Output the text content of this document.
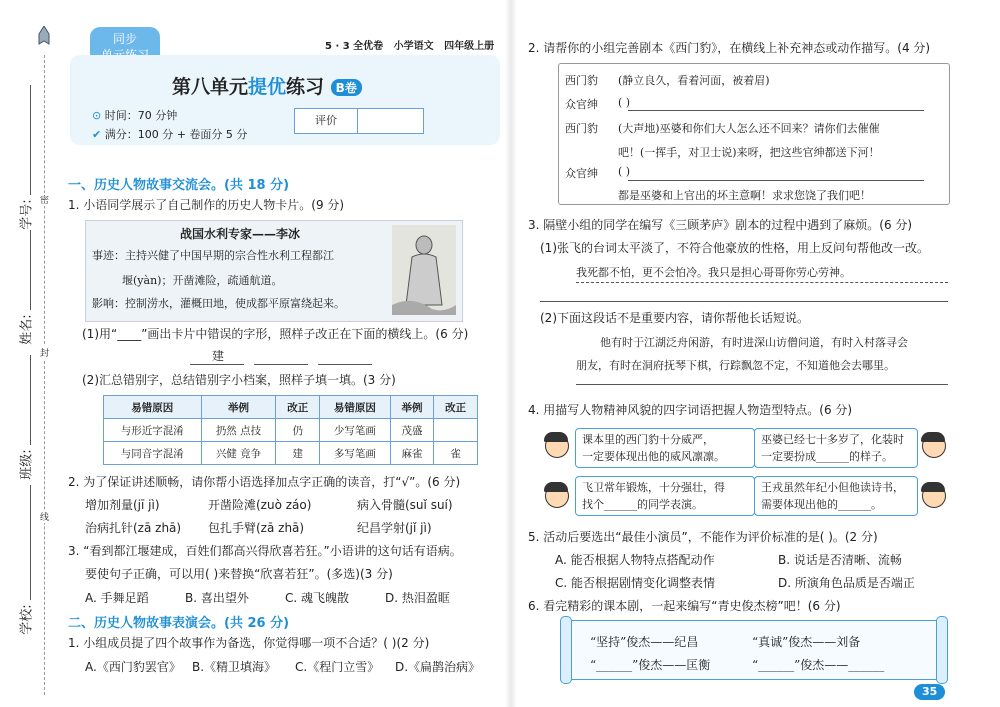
密
封
线
学号:
姓名:
班级:
学校:
同步
5 · 3 全优卷 小学语文 四年级上册
第八单元提优练习 B卷
⊙ 时间：70 分钟
✔ 满分：100 分 + 卷面分 5 分
评价
一、历史人物故事交流会。(共 18 分)
1. 小语同学展示了自己制作的历史人物卡片。(9 分)
战国水利专家——李冰
事迹：主持兴健了中国早期的宗合性水利工程都江
堰(yàn)；开凿滩险，疏通航道。
影响：控制涝水，灌概田地，使成都平原富绕起来。
(1)用“____”画出卡片中错误的字形，照样子改正在下面的横线上。(6 分)
建
(2)汇总错别字，总结错别字小档案，照样子填一填。(3 分)
易错原因	举例	改正	易错原因	举例	改正
与形近字混淆	扔然 点技	仍	少写笔画	茂盛	
与同音字混淆	兴健 竟争	建	多写笔画	麻雀	雀
2. 为了保证讲述顺畅，请你帮小语选择加点字正确的读音，打“√”。(6 分)
增加剂量(jī jì)	开凿险滩(zuò záo)	病入骨髓(suǐ suí)
治病扎针(zā zhā) 包扎手臂(zā zhā)	纪昌学射(jǐ jì)
3. “看到都江堰建成，百姓们都高兴得欣喜若狂。”小语讲的这句话有语病。
要使句子正确，可以用( )来替换“欣喜若狂”。(多选)(3 分)
A. 手舞足蹈	B. 喜出望外	C. 魂飞魄散	D. 热泪盈眶
二、历史人物故事表演会。(共 26 分)
1. 小组成员提了四个故事作为备选，你觉得哪一项不合适？( )(2 分)
A.《西门豹罢官》 B.《精卫填海》 C.《程门立雪》 D.《扁鹊治病》
2. 请帮你的小组完善剧本《西门豹》，在横线上补充神态或动作描写。(4 分)
西门豹 (静立良久，看着河面，被着眉)
众官绅 ( )
西门豹 (大声地)巫婆和你们大人怎么还不回来？请你们去催催
吧！(一挥手，对卫士说)来呀，把这些官绅都送下河！
众官绅 ( )
都是巫婆和上官出的坏主意啊！求求您饶了我们吧！
3. 隔壁小组的同学在编写《三顾茅庐》剧本的过程中遇到了麻烦。(6 分)
(1)张飞的台词太平淡了，不符合他豪放的性格，用上反问句帮他改一改。
我死都不怕，更不会怕冷。我只是担心哥哥你劳心劳神。
(2)下面这段话不是重要内容，请你帮他长话短说。
他有时于江湖泛舟闲游，有时进深山访僧问道，有时入村落寻会
朋友，有时在洞府抚琴下棋，行踪飘忽不定，不知道他会去哪里。
4. 用描写人物精神风貌的四字词语把握人物造型特点。(6 分)
课本里的西门豹十分威严，
一定要体现出他的威风凛凛。
巫婆已经七十多岁了，化装时
一定要扮成______的样子。
飞卫常年锻炼，十分强壮，得
找个______的同学表演。
王戎虽然年纪小但他读诗书，
需要体现出他的______。
5. 活动后要选出“最佳小演员”，不能作为评价标准的是( )。(2 分)
A. 能否根据人物特点搭配动作	B. 说话是否清晰、流畅
C. 能否根据剧情变化调整表情	D. 所演角色品质是否端正
6. 看完精彩的课本剧，一起来编写“青史俊杰榜”吧！(6 分)
“坚持”俊杰——纪昌	“真诚”俊杰——刘备
“______”俊杰——匡衡	“______”俊杰——______
35
